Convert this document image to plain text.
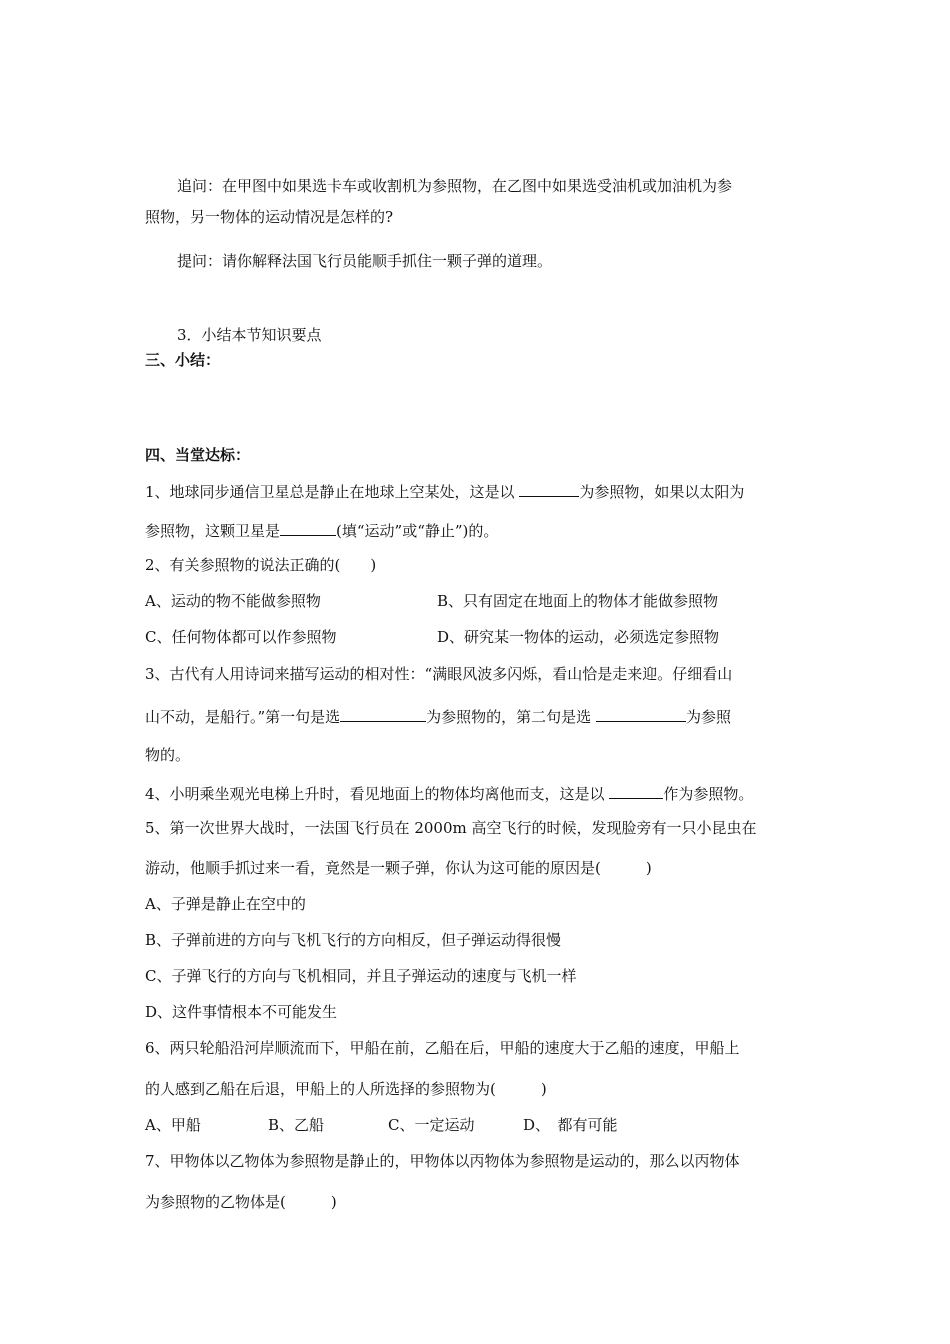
追问：在甲图中如果选卡车或收割机为参照物，在乙图中如果选受油机或加油机为参
照物，另一物体的运动情况是怎样的?
提问：请你解释法国飞行员能顺手抓住一颗子弹的道理。
3．小结本节知识要点
三、小结：
四、当堂达标：
1、地球同步通信卫星总是静止在地球上空某处，这是以	为参照物，如果以太阳为
参照物，这颗卫星是	(填“运动”或“静止”)的。
2、有关参照物的说法正确的(　　)
A、运动的物不能做参照物	B、只有固定在地面上的物体才能做参照物
C、任何物体都可以作参照物	D、研究某一物体的运动，必须选定参照物
3、古代有人用诗词来描写运动的相对性：“满眼风波多闪烁，看山恰是走来迎。仔细看山
山不动，是船行。”第一句是选	为参照物的，第二句是选	为参照
物的。
4、小明乘坐观光电梯上升时，看见地面上的物体均离他而支，这是以	作为参照物。
5、第一次世界大战时，一法国飞行员在 2000m 高空飞行的时候，发现脸旁有一只小昆虫在
游动，他顺手抓过来一看，竟然是一颗子弹，你认为这可能的原因是(　　　)
A、子弹是静止在空中的
B、子弹前进的方向与飞机飞行的方向相反，但子弹运动得很慢
C、子弹飞行的方向与飞机相同，并且子弹运动的速度与飞机一样
D、这件事情根本不可能发生
6、两只轮船沿河岸顺流而下，甲船在前，乙船在后，甲船的速度大于乙船的速度，甲船上
的人感到乙船在后退，甲船上的人所选择的参照物为(　　　)
A、甲船	B、乙船	C、一定运动	D、　都有可能
7、甲物体以乙物体为参照物是静止的，甲物体以丙物体为参照物是运动的，那么以丙物体
为参照物的乙物体是(　　　)
